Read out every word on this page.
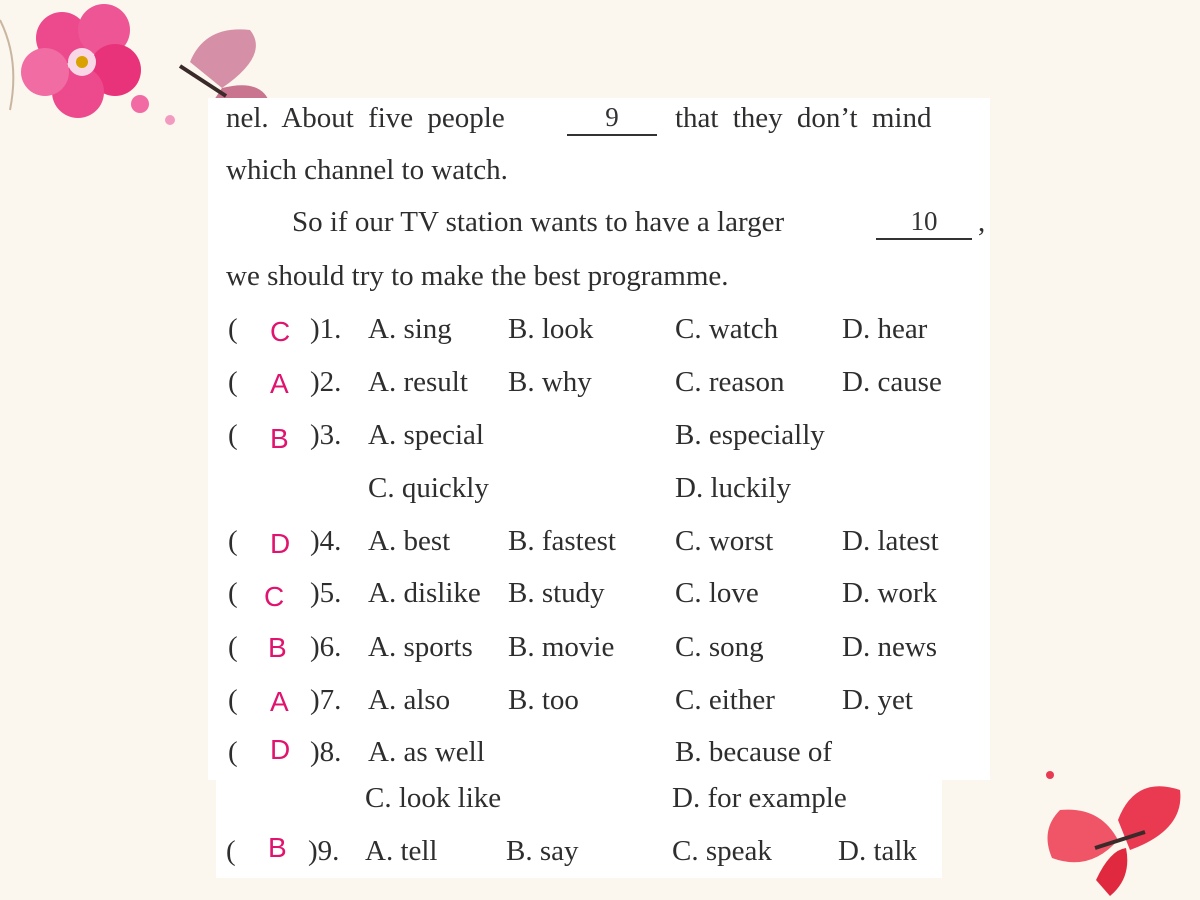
nel. About five people	9	that they don’t mind
which channel to watch.
So if our TV station wants to have a larger	10	,
we should try to make the best programme.
( C )1. A. sing B. look	C. watch D. hear
( A )2. A. result B. why	C. reason D. cause
( B )3. A. special	B. especially
C. quickly	D. luckily
( D )4. A. best B. fastest C. worst D. latest
( C )5. A. dislike B. study C. love	D. work
( B )6. A. sports B. movie C. song	D. news
( A )7. A. also B. too	C. either D. yet
( D )8. A. as well	B. because of
C. look like	D. for example
( B )9. A. tell B. say	C. speak D. talk
